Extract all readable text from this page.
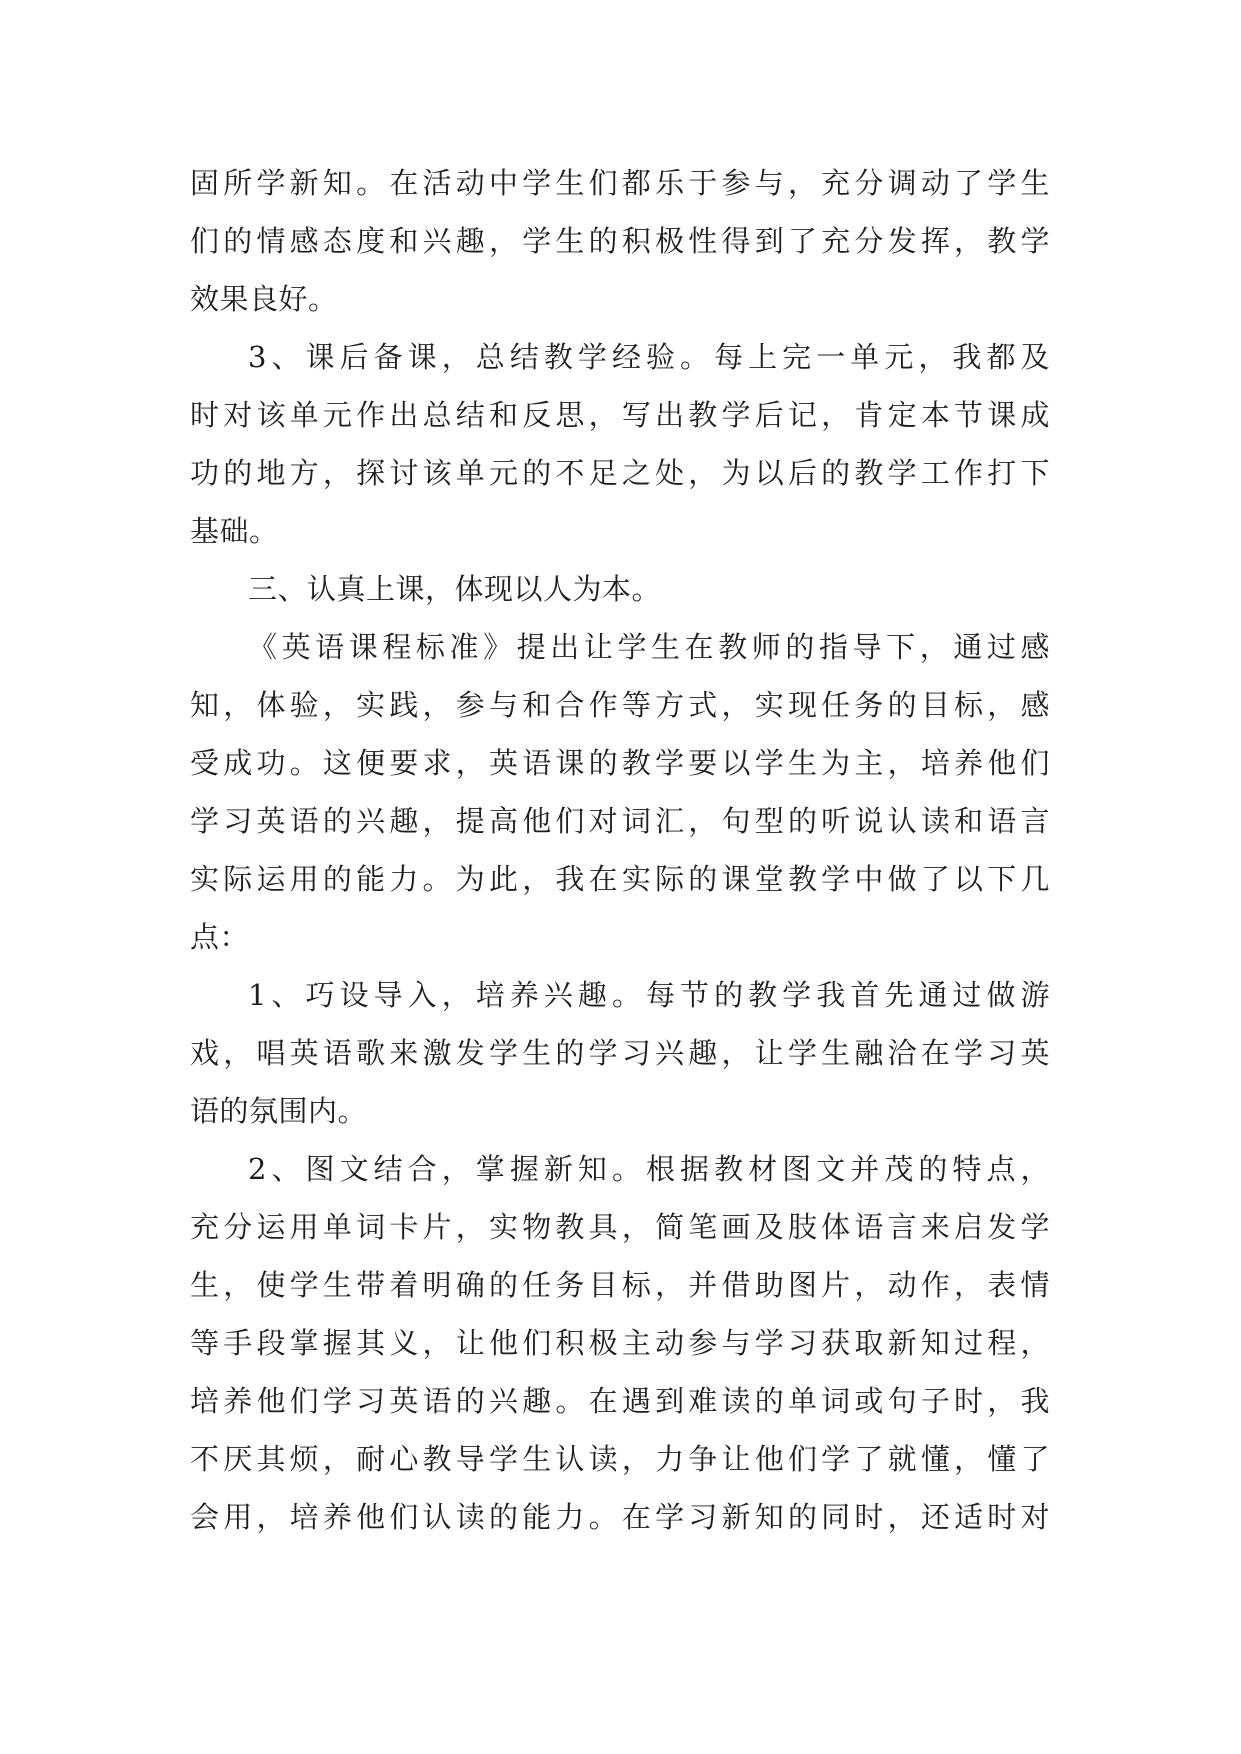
固所学新知。在活动中学生们都乐于参与，充分调动了学生
们的情感态度和兴趣，学生的积极性得到了充分发挥，教学
效果良好。
3、课后备课，总结教学经验。每上完一单元，我都及
时对该单元作出总结和反思，写出教学后记，肯定本节课成
功的地方，探讨该单元的不足之处，为以后的教学工作打下
基础。
三、认真上课，体现以人为本。
《英语课程标准》提出让学生在教师的指导下，通过感
知，体验，实践，参与和合作等方式，实现任务的目标，感
受成功。这便要求，英语课的教学要以学生为主，培养他们
学习英语的兴趣，提高他们对词汇，句型的听说认读和语言
实际运用的能力。为此，我在实际的课堂教学中做了以下几
点：
1、巧设导入，培养兴趣。每节的教学我首先通过做游
戏，唱英语歌来激发学生的学习兴趣，让学生融洽在学习英
语的氛围内。
2、图文结合，掌握新知。根据教材图文并茂的特点，
充分运用单词卡片，实物教具，简笔画及肢体语言来启发学
生，使学生带着明确的任务目标，并借助图片，动作，表情
等手段掌握其义，让他们积极主动参与学习获取新知过程，
培养他们学习英语的兴趣。在遇到难读的单词或句子时，我
不厌其烦，耐心教导学生认读，力争让他们学了就懂，懂了
会用，培养他们认读的能力。在学习新知的同时，还适时对
